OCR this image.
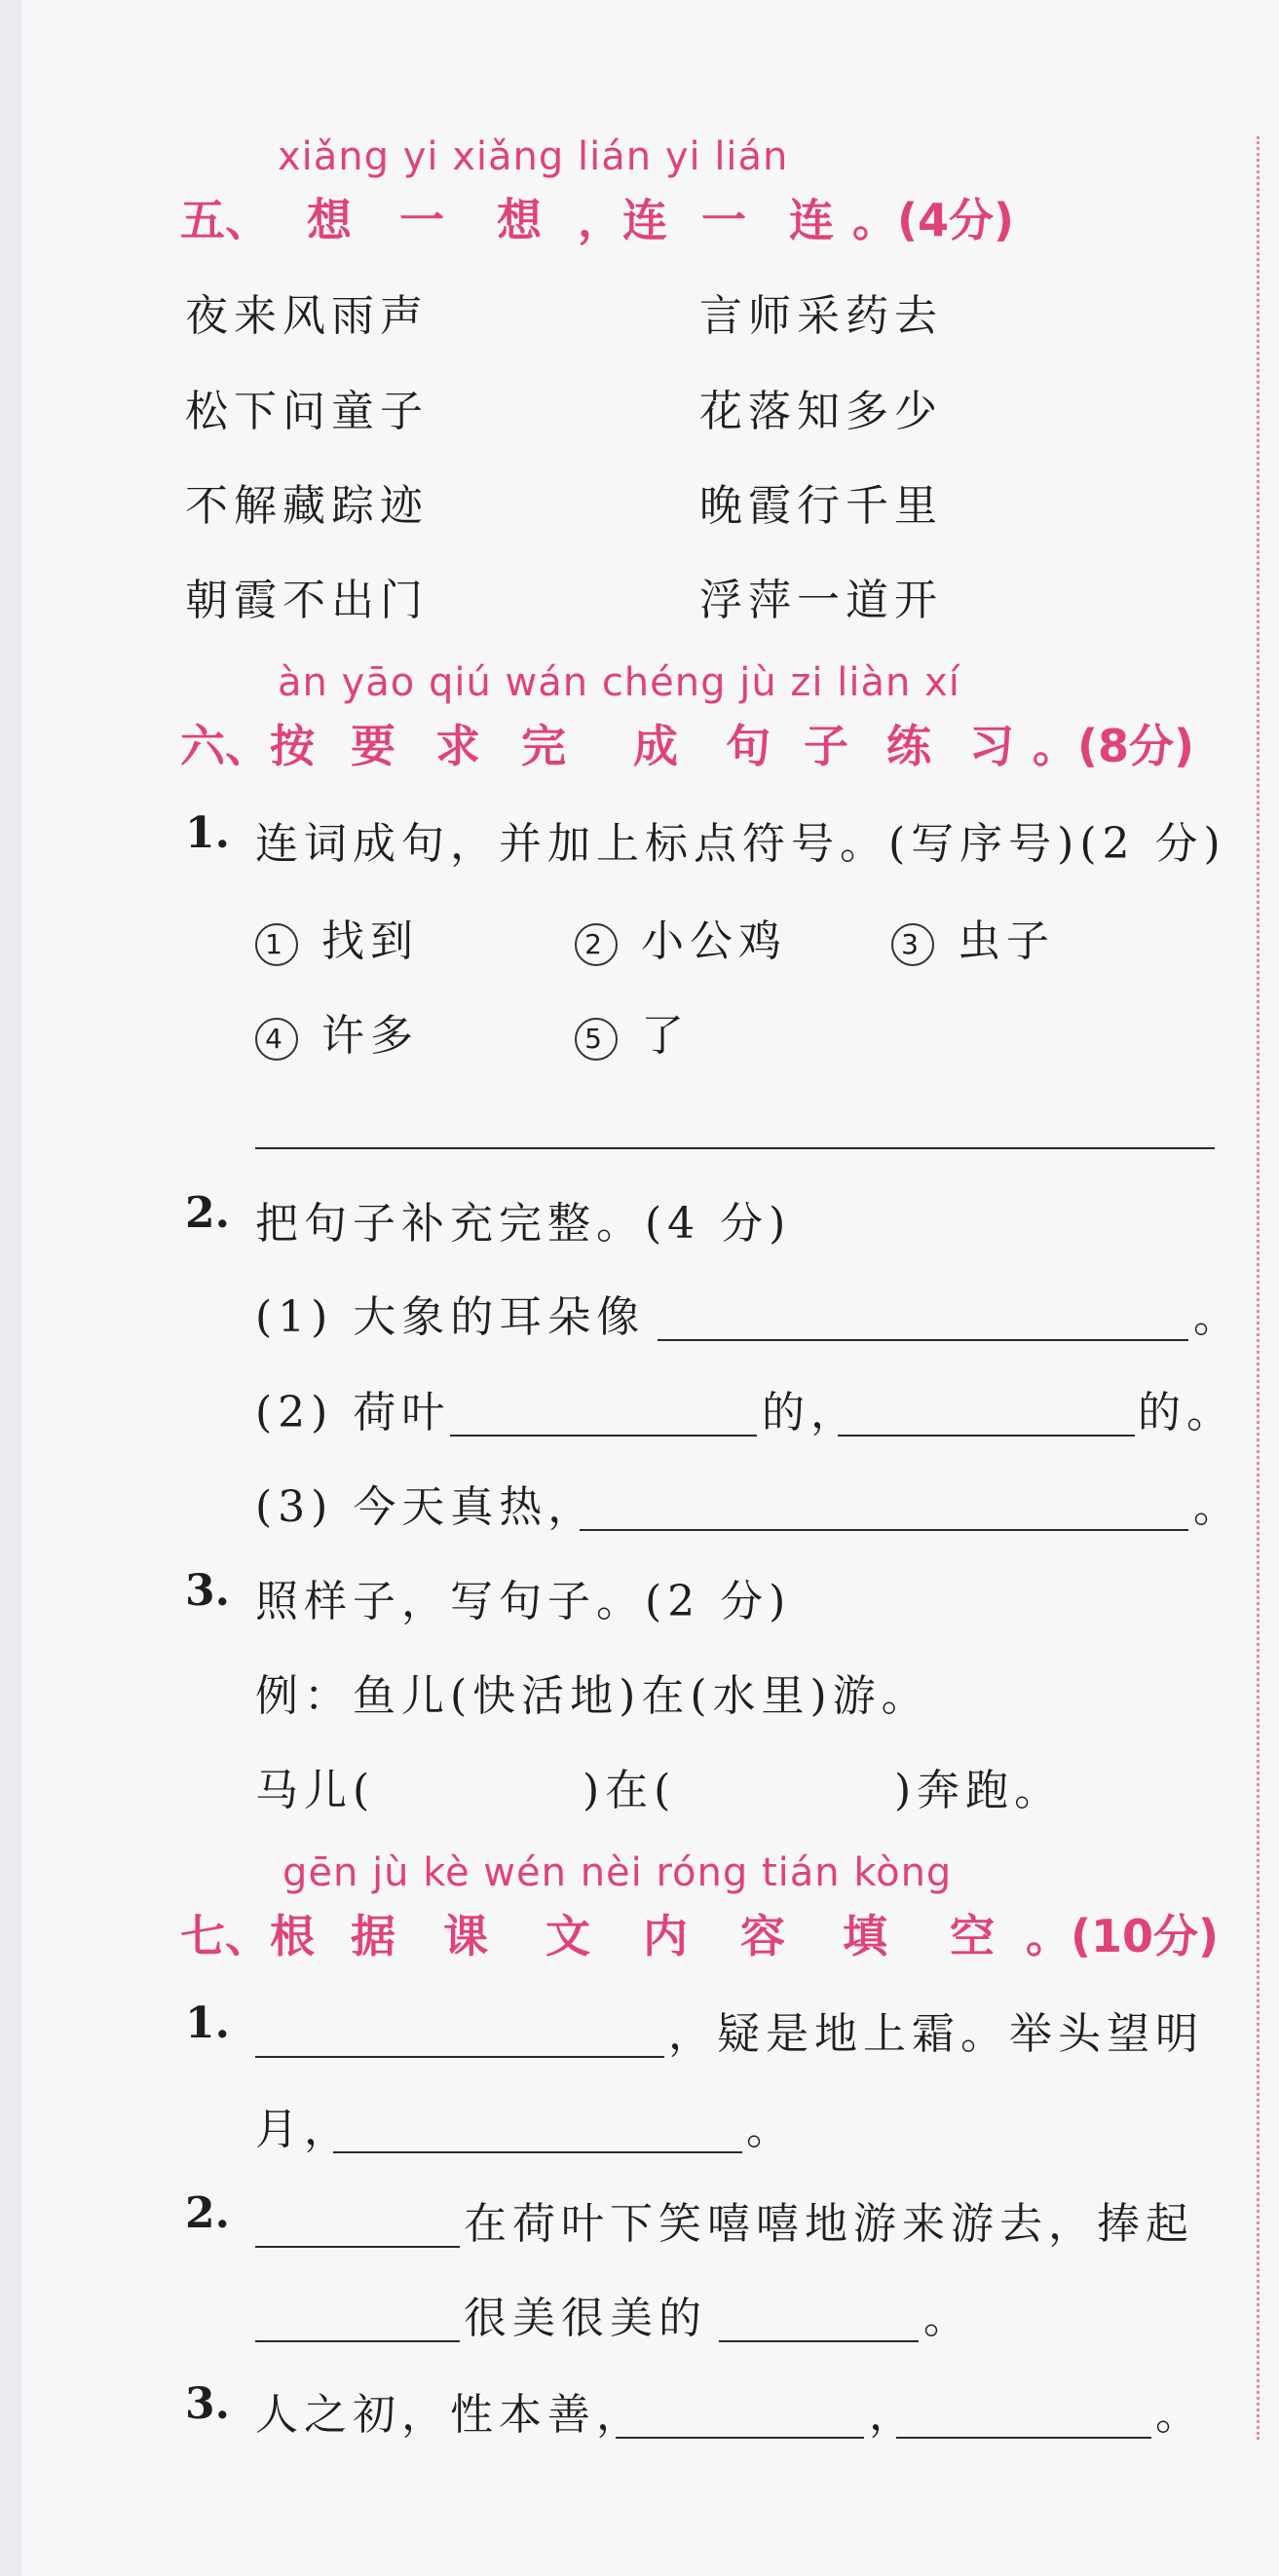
xiǎng yi xiǎng lián yi lián
五、 想 一 想 ，连 一 连 。(4分)
夜来风雨声	言师采药去
松下问童子	花落知多少
不解藏踪迹	晚霞行千里
朝霞不出门	浮萍一道开
àn yāo qiú wán chéng jù zi liàn xí
六、按 要 求 完 成 句 子 练 习 。(8分)
1. 连词成句，并加上标点符号。(写序号)(2 分)
1 找到	2 小公鸡	3 虫子
4 许多	5 了
2. 把句子补充完整。(4 分)
(1) 大象的耳朵像	。
(2) 荷叶	的，	的。
(3) 今天真热，	。
3. 照样子，写句子。(2 分)
例：鱼儿(快活地)在(水里)游。
马儿(	)在(	)奔跑。
gēn jù kè wén nèi róng tián kòng
七、根 据 课 文 内 容 填 空 。(10分)
1.	，疑是地上霜。举头望明
月，	。
2.	在荷叶下笑嘻嘻地游来游去，捧起
很美很美的	。
3. 人之初，性本善，	，	。
